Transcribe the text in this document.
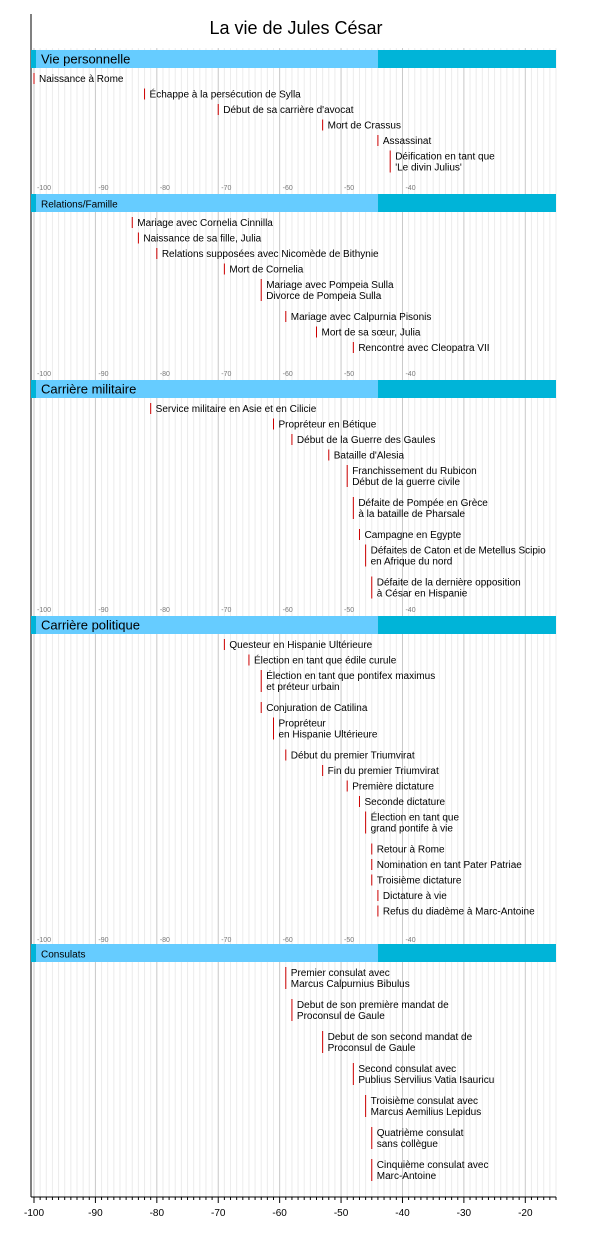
Vie personnelle
Naissance à Rome
Échappe à la persécution de Sylla
Début de sa carrière d'avocat
Mort de Crassus
Assassinat
Déification en tant que
'Le divin Julius'
-100	-90	-80	-70	-60	-50	-40
Relations/Famille
Mariage avec Cornelia Cinnilla
Naissance de sa fille, Julia
Relations supposées avec Nicomède de Bithynie
Mort de Cornelia
Mariage avec Pompeia Sulla
Divorce de Pompeia Sulla
Mariage avec Calpurnia Pisonis
Mort de sa sœur, Julia
Rencontre avec Cleopatra VII
-100	-90	-80	-70	-60	-50	-40
Carrière militaire
Service militaire en Asie et en Cilicie
Propréteur en Bétique
Début de la Guerre des Gaules
Bataille d'Alesia
Franchissement du Rubicon
Début de la guerre civile
Défaite de Pompée en Grèce
à la bataille de Pharsale
Campagne en Egypte
Défaites de Caton et de Metellus Scipio
en Afrique du nord
Défaite de la dernière opposition
à César en Hispanie
-100	-90	-80	-70	-60	-50	-40
Carrière politique
Questeur en Hispanie Ultérieure
Élection en tant que édile curule
Élection en tant que pontifex maximus
et préteur urbain
Conjuration de Catilina
Propréteur
en Hispanie Ultérieure
Début du premier Triumvirat
Fin du premier Triumvirat
Première dictature
Seconde dictature
Élection en tant que
grand pontife à vie
Retour à Rome
Nomination en tant Pater Patriae
Troisième dictature
Dictature à vie
Refus du diadème à Marc-Antoine
-100	-90	-80	-70	-60	-50	-40
Consulats
Premier consulat avec
Marcus Calpurnius Bibulus
Debut de son première mandat de
Proconsul de Gaule
Debut de son second mandat de
Proconsul de Gaule
Second consulat avec
Publius Servilius Vatia Isauricu
Troisième consulat avec
Marcus Aemilius Lepidus
Quatrième consulat
sans collègue
Cinquième consulat avec
Marc-Antoine
-100	-90	-80	-70	-60	-50	-40	-30	-20
La vie de Jules César
